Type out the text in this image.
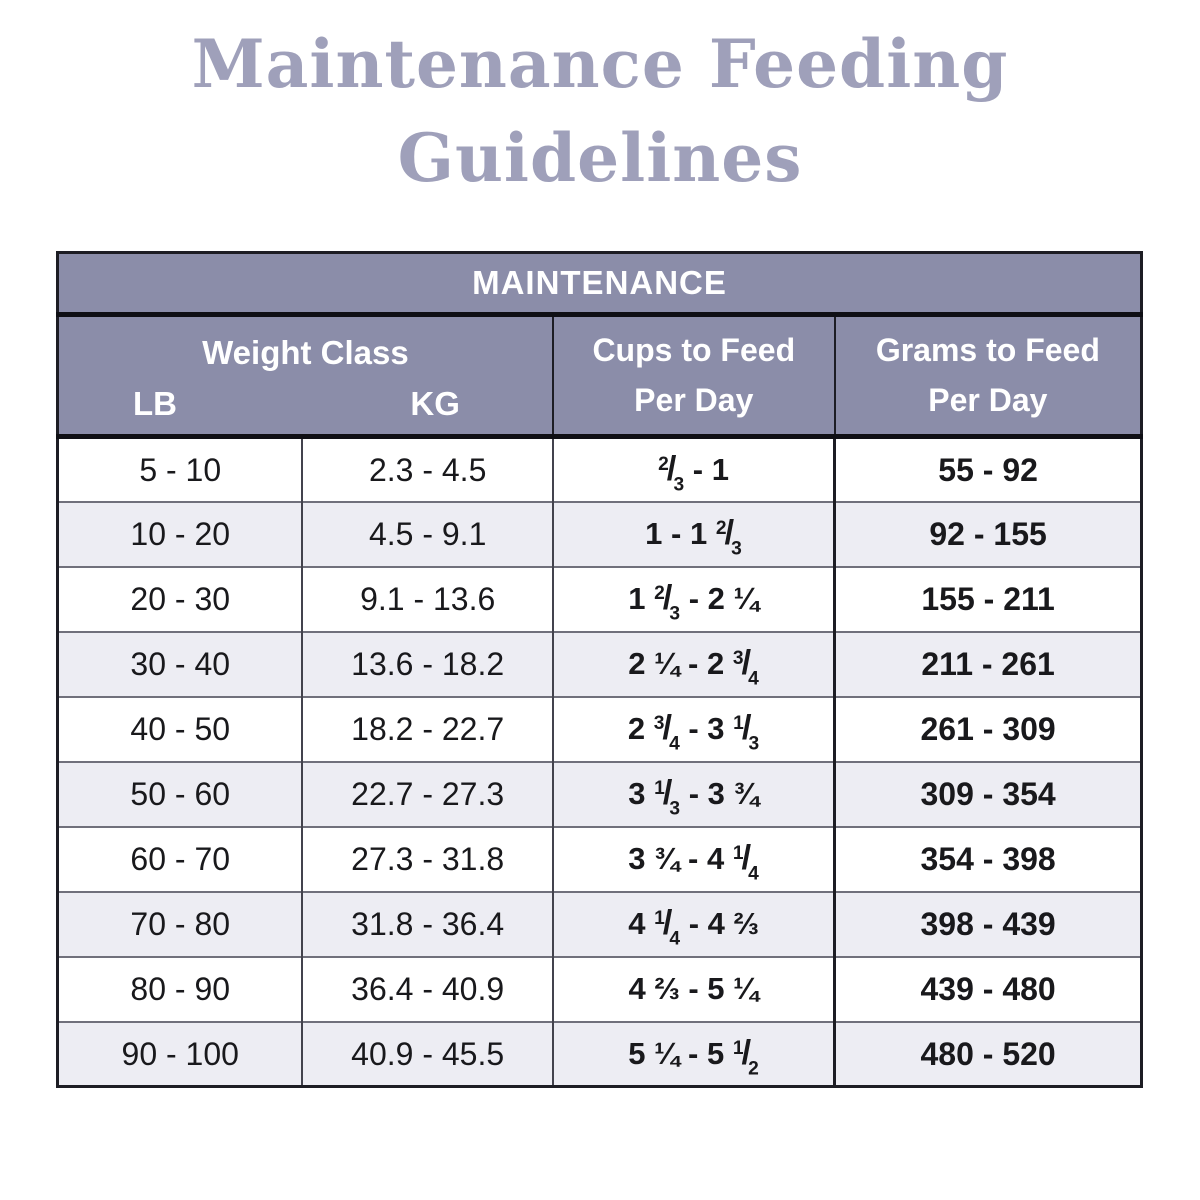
Maintenance Feeding
Guidelines
MAINTENANCE			

Weight Class
LB	KG

Cups to Feed
Per Day

Grams to Feed
Per Day

5 - 10	2.3 - 4.5	$^2/_3 - 1$	55 - 92
10 - 20	4.5 - 9.1	1 - 1 $^2/_3$	92 - 155
20 - 30	9.1 - 13.6	1 $^2/_3 - 2$ ¼	155 - 211
30 - 40	13.6 - 18.2	2 ¼ - 2 $^3/_4$	211 - 261
40 - 50	18.2 - 22.7	2 $^3/_4 - 3$ $^1/_3$	261 - 309
50 - 60	22.7 - 27.3	3 $^1/_3 - 3$ ¾	309 - 354
60 - 70	27.3 - 31.8	3 ¾ - 4 $^1/_4$	354 - 398
70 - 80	31.8 - 36.4	4 $^1/_4 - 4$ ⅔	398 - 439
80 - 90	36.4 - 40.9	4 ⅔ - 5 ¼	439 - 480
90 - 100	40.9 - 45.5	5 ¼ - 5 $^1/_2$	480 - 520
